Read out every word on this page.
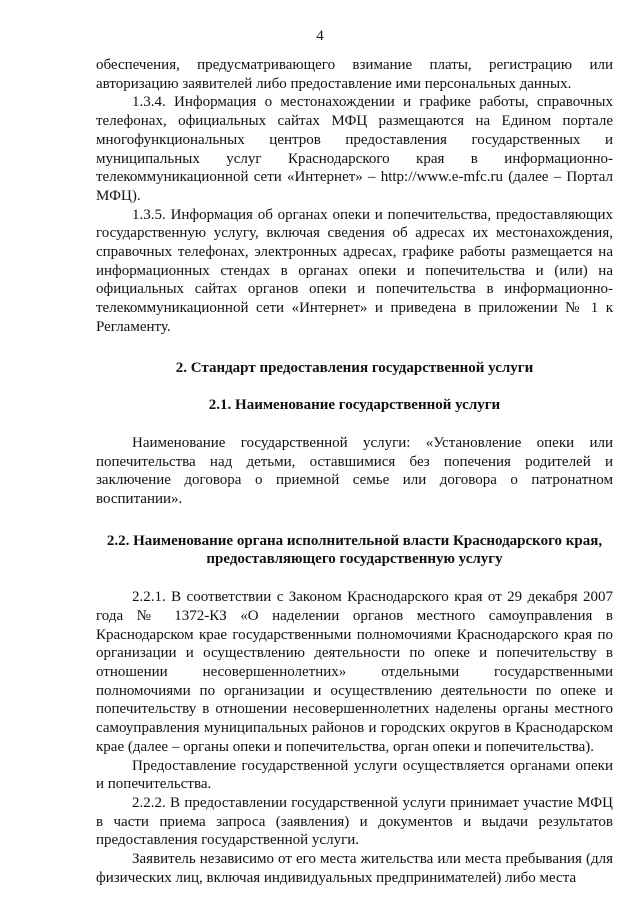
4

обеспечения, предусматривающего взимание платы, регистрацию или авторизацию заявителей либо предоставление ими персональных данных.

1.3.4. Информация о местонахождении и графике работы, справочных телефонах, официальных сайтах МФЦ размещаются на Едином портале многофункциональных центров предоставления государственных и муниципальных услуг Краснодарского края в информационно-телекоммуникационной сети «Интернет» – http://www.e-mfc.ru (далее – Портал МФЦ).

1.3.5. Информация об органах опеки и попечительства, предоставляющих государственную услугу, включая сведения об адресах их местонахождения, справочных телефонах, электронных адресах, графике работы размещается на информационных стендах в органах опеки и попечительства и (или) на официальных сайтах органов опеки и попечительства в информационно-телекоммуникационной сети «Интернет» и приведена в приложении № 1 к Регламенту.

2. Стандарт предоставления государственной услуги

2.1. Наименование государственной услуги

Наименование государственной услуги: «Установление опеки или попечительства над детьми, оставшимися без попечения родителей и заключение договора о приемной семье или договора о патронатном воспитании».

2.2. Наименование органа исполнительной власти Краснодарского края, предоставляющего государственную услугу

2.2.1. В соответствии с Законом Краснодарского края от 29 декабря 2007 года № 1372-КЗ «О наделении органов местного самоуправления в Краснодарском крае государственными полномочиями Краснодарского края по организации и осуществлению деятельности по опеке и попечительству в отношении несовершеннолетних» отдельными государственными полномочиями по организации и осуществлению деятельности по опеке и попечительству в отношении несовершеннолетних наделены органы местного самоуправления муниципальных районов и городских округов в Краснодарском крае (далее – органы опеки и попечительства, орган опеки и попечительства).

Предоставление государственной услуги осуществляется органами опеки и попечительства.

2.2.2. В предоставлении государственной услуги принимает участие МФЦ в части приема запроса (заявления) и документов и выдачи результатов предоставления государственной услуги.

Заявитель независимо от его места жительства или места пребывания (для физических лиц, включая индивидуальных предпринимателей) либо места
